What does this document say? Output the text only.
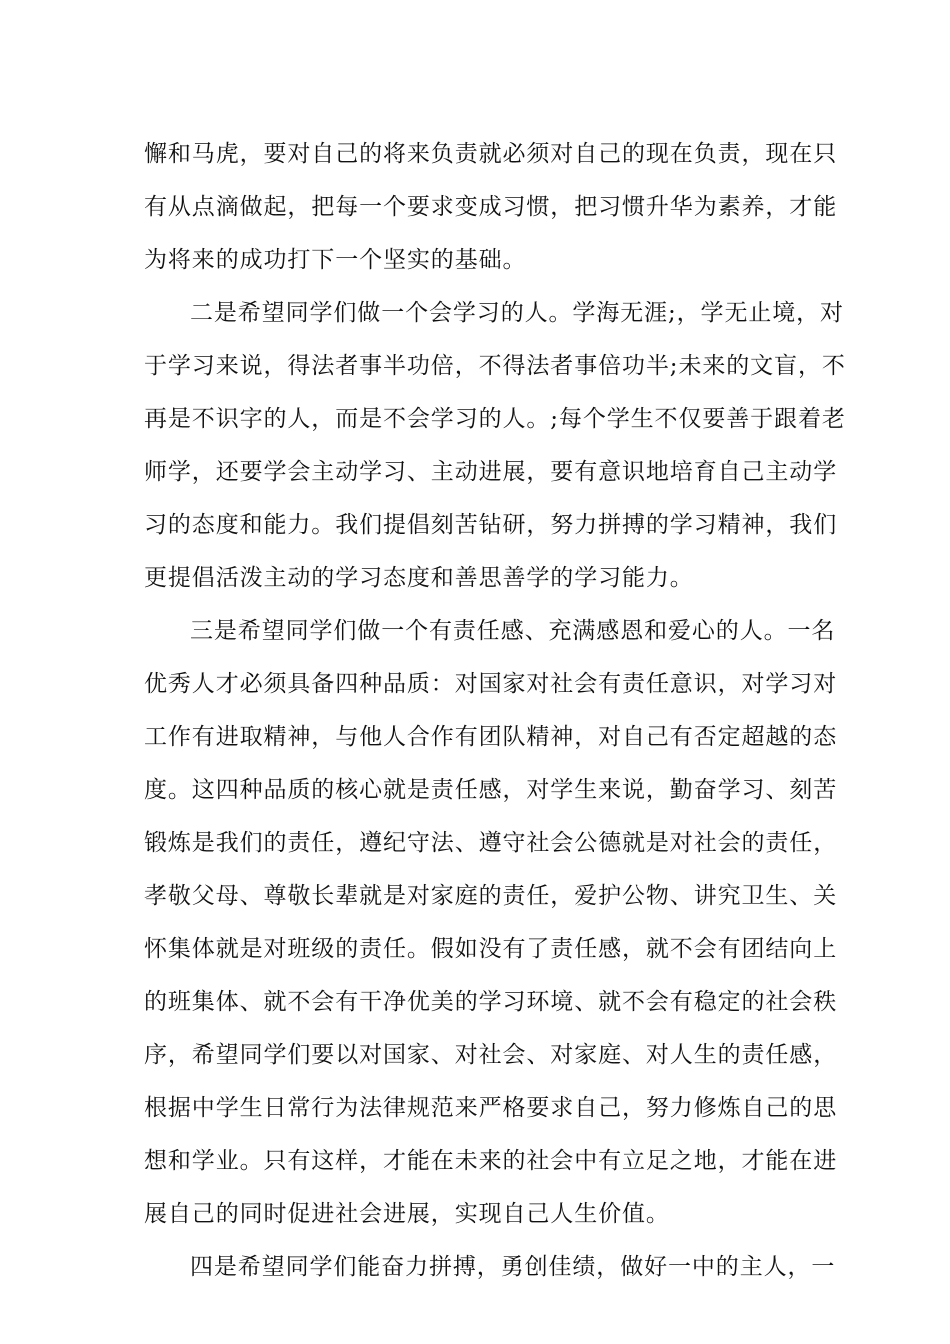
懈和马虎，要对自己的将来负责就必须对自己的现在负责，现在只
有从点滴做起，把每一个要求变成习惯，把习惯升华为素养，才能
为将来的成功打下一个坚实的基础。
二是希望同学们做一个会学习的人。学海无涯;，学无止境，对
于学习来说，得法者事半功倍，不得法者事倍功半;未来的文盲，不
再是不识字的人，而是不会学习的人。;每个学生不仅要善于跟着老
师学，还要学会主动学习、主动进展，要有意识地培育自己主动学
习的态度和能力。我们提倡刻苦钻研，努力拼搏的学习精神，我们
更提倡活泼主动的学习态度和善思善学的学习能力。
三是希望同学们做一个有责任感、充满感恩和爱心的人。一名
优秀人才必须具备四种品质：对国家对社会有责任意识，对学习对
工作有进取精神，与他人合作有团队精神，对自己有否定超越的态
度。这四种品质的核心就是责任感，对学生来说，勤奋学习、刻苦
锻炼是我们的责任，遵纪守法、遵守社会公德就是对社会的责任，
孝敬父母、尊敬长辈就是对家庭的责任，爱护公物、讲究卫生、关
怀集体就是对班级的责任。假如没有了责任感，就不会有团结向上
的班集体、就不会有干净优美的学习环境、就不会有稳定的社会秩
序，希望同学们要以对国家、对社会、对家庭、对人生的责任感，
根据中学生日常行为法律规范来严格要求自己，努力修炼自己的思
想和学业。只有这样，才能在未来的社会中有立足之地，才能在进
展自己的同时促进社会进展，实现自己人生价值。
四是希望同学们能奋力拼搏，勇创佳绩，做好一中的主人，一
